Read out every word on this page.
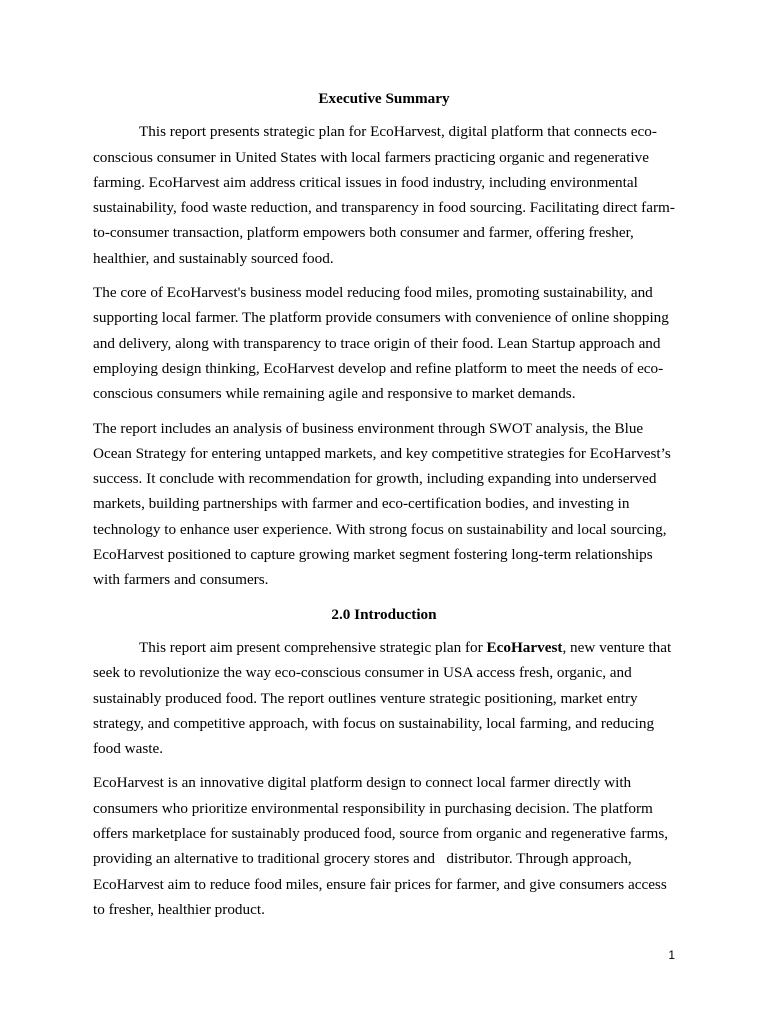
Executive Summary

This report presents strategic plan for EcoHarvest, digital platform that connects eco-conscious consumer in United States with local farmers practicing organic and regenerative farming. EcoHarvest aim address critical issues in food industry, including environmental sustainability, food waste reduction, and transparency in food sourcing. Facilitating direct farm-to-consumer transaction, platform empowers both consumer and farmer, offering fresher, healthier, and sustainably sourced food.

The core of EcoHarvest's business model reducing food miles, promoting sustainability, and supporting local farmer. The platform provide consumers with convenience of online shopping and delivery, along with transparency to trace origin of their food. Lean Startup approach and employing design thinking, EcoHarvest develop and refine platform to meet the needs of eco-conscious consumers while remaining agile and responsive to market demands.

The report includes an analysis of business environment through SWOT analysis, the Blue Ocean Strategy for entering untapped markets, and key competitive strategies for EcoHarvest’s success. It conclude with recommendation for growth, including expanding into underserved markets, building partnerships with farmer and eco-certification bodies, and investing in technology to enhance user experience. With strong focus on sustainability and local sourcing, EcoHarvest positioned to capture growing market segment fostering long-term relationships with farmers and consumers.

2.0 Introduction

This report aim present comprehensive strategic plan for EcoHarvest, new venture that seek to revolutionize the way eco-conscious consumer in USA access fresh, organic, and sustainably produced food. The report outlines venture strategic positioning, market entry strategy, and competitive approach, with focus on sustainability, local farming, and reducing food waste.

EcoHarvest is an innovative digital platform design to connect local farmer directly with consumers who prioritize environmental responsibility in purchasing decision. The platform offers marketplace for sustainably produced food, source from organic and regenerative farms, providing an alternative to traditional grocery stores and   distributor. Through approach, EcoHarvest aim to reduce food miles, ensure fair prices for farmer, and give consumers access to fresher, healthier product.

1
